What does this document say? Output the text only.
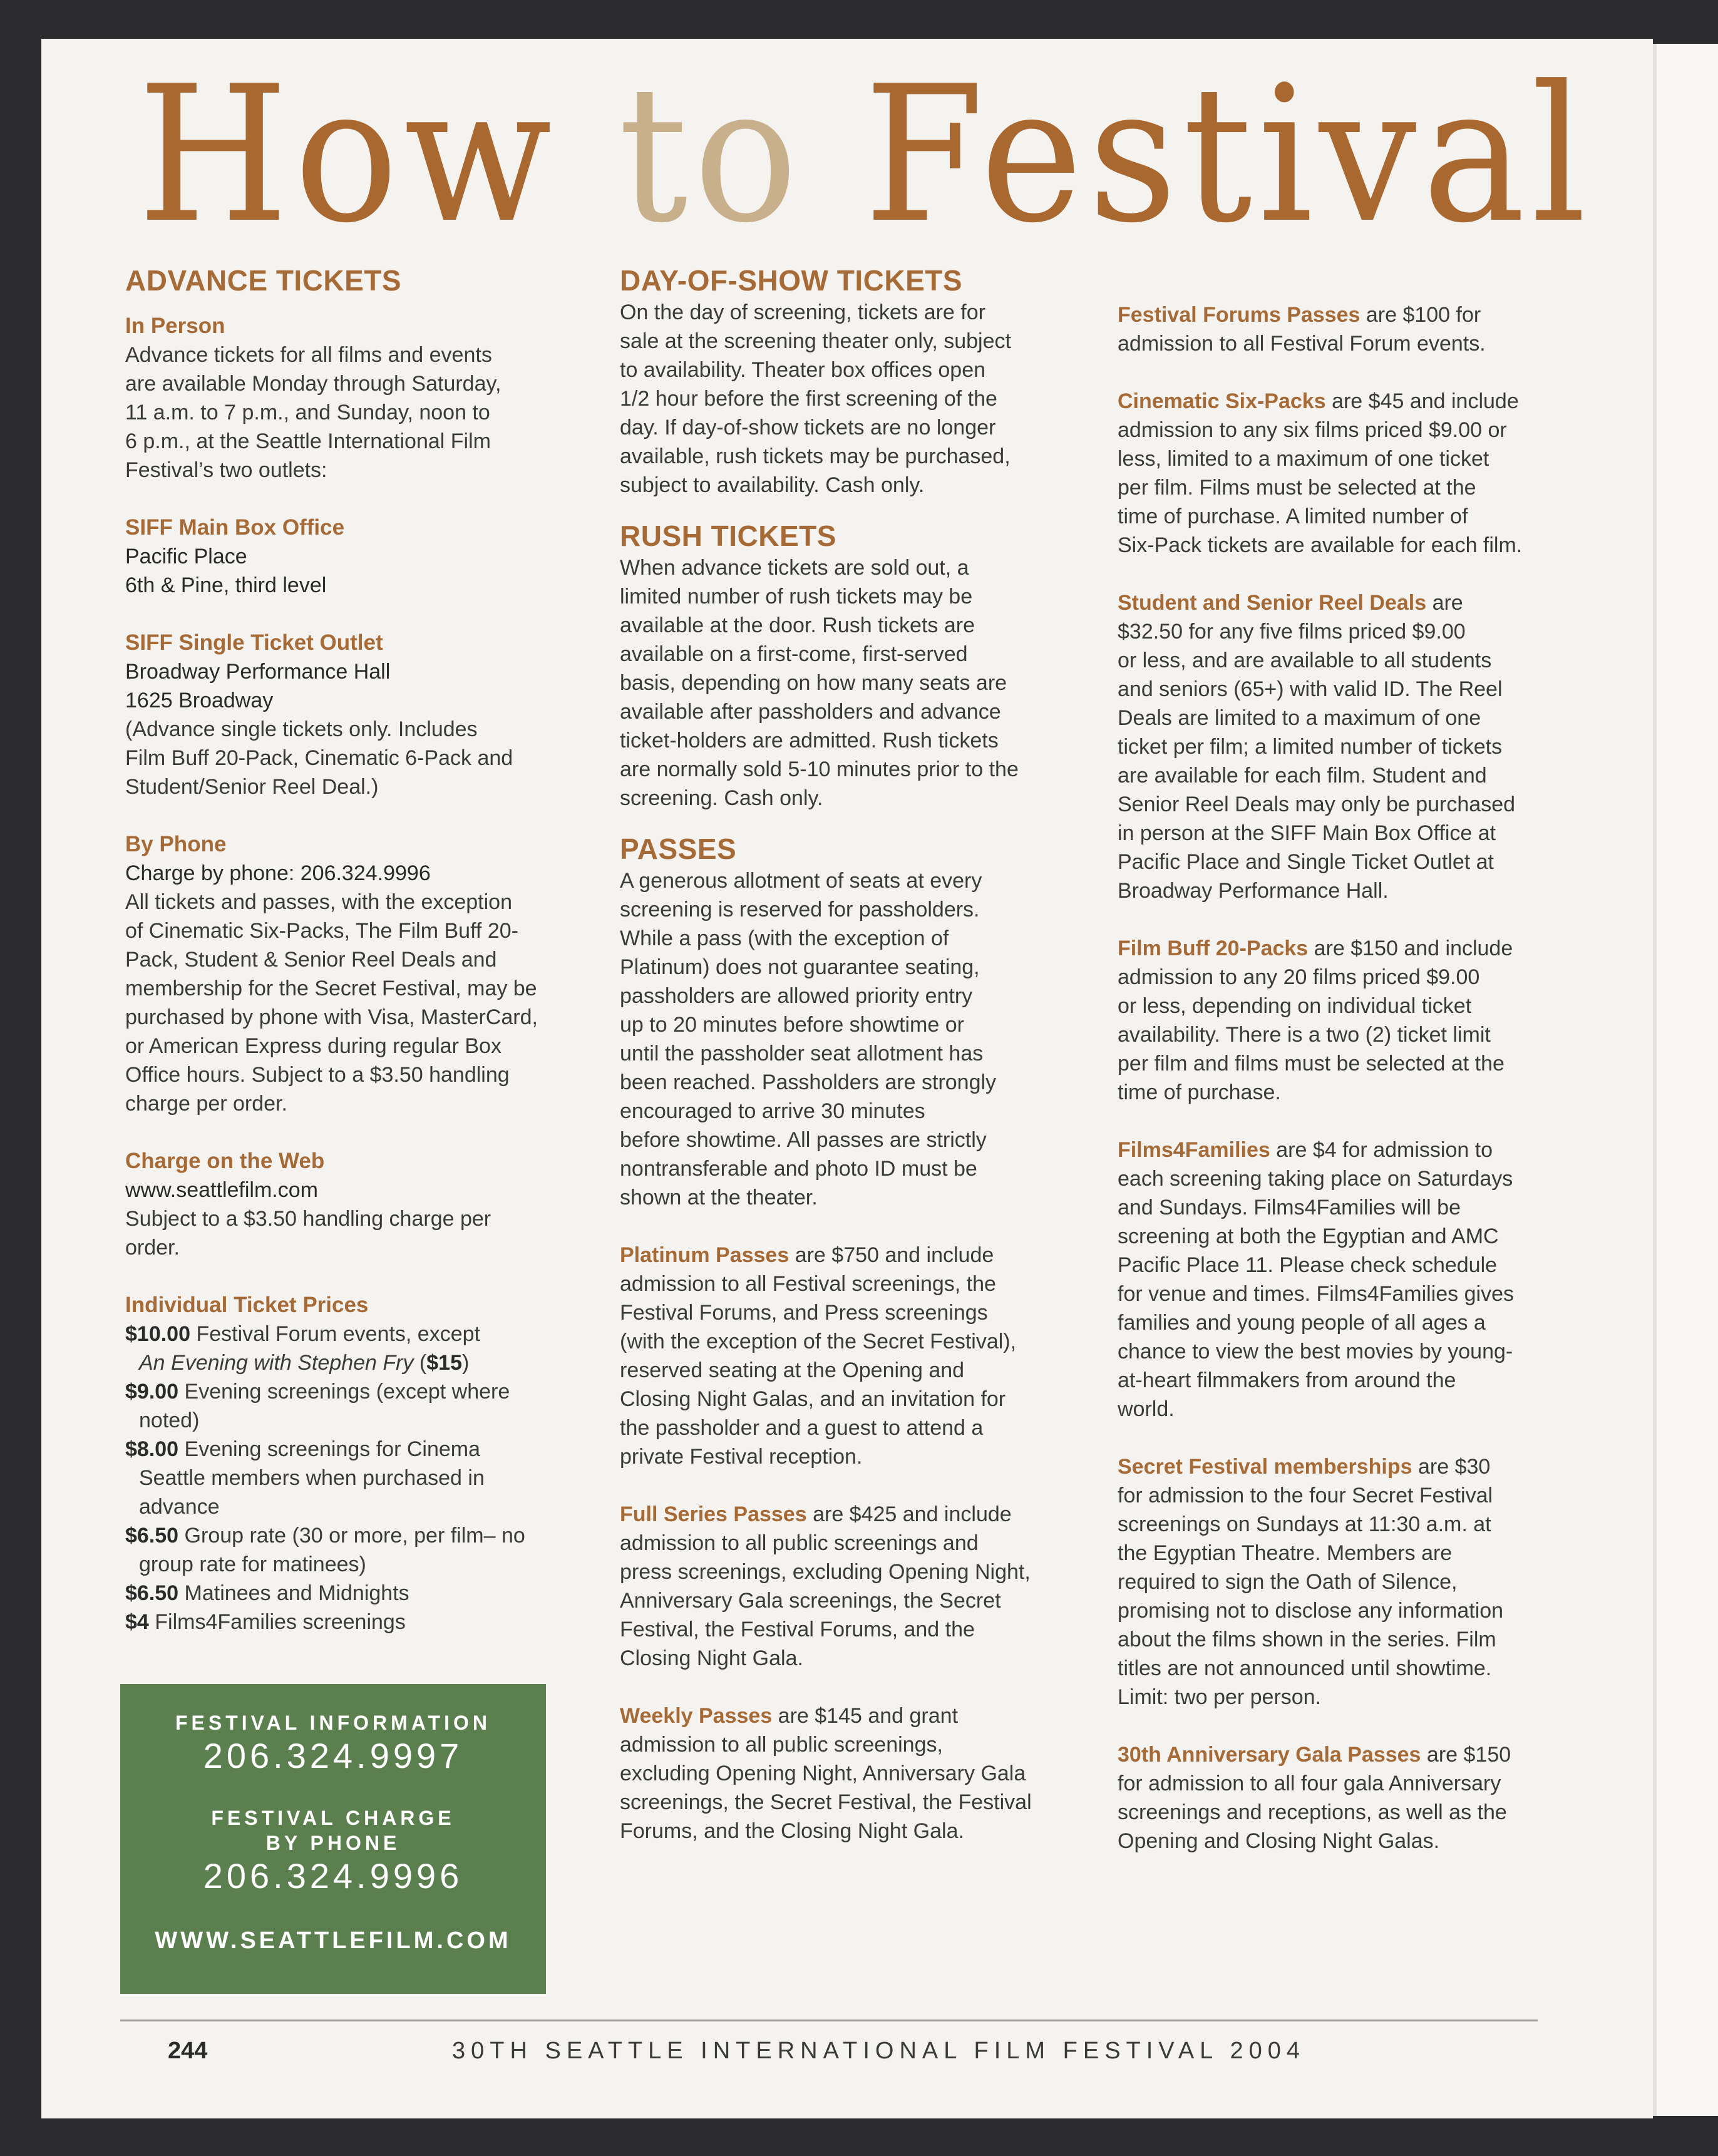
How to Festival
ADVANCE TICKETS
In Person

Advance tickets for all films and events
are available Monday through Saturday,
11 a.m. to 7 p.m., and Sunday, noon to
6 p.m., at the Seattle International Film
Festival’s two outlets:

SIFF Main Box Office

Pacific Place
6th & Pine, third level

SIFF Single Ticket Outlet

Broadway Performance Hall
1625 Broadway

(Advance single tickets only. Includes
Film Buff 20-Pack, Cinematic 6-Pack and
Student/Senior Reel Deal.)

By Phone

Charge by phone: 206.324.9996

All tickets and passes, with the exception
of Cinematic Six-Packs, The Film Buff 20-
Pack, Student & Senior Reel Deals and
membership for the Secret Festival, may be
purchased by phone with Visa, MasterCard,
or American Express during regular Box
Office hours. Subject to a $3.50 handling
charge per order.

Charge on the Web

www.seattlefilm.com

Subject to a $3.50 handling charge per
order.

Individual Ticket Prices
$10.00 Festival Forum events, except
An Evening with Stephen Fry ($15)
$9.00 Evening screenings (except where noted)
$8.00 Evening screenings for Cinema Seattle members when purchased in advance
$6.50 Group rate (30 or more, per film– no group rate for matinees)
$6.50 Matinees and Midnights
$4 Films4Families screenings
FESTIVAL INFORMATION
206.324.9997
FESTIVAL CHARGE
BY PHONE
206.324.9996
WWW.SEATTLEFILM.COM
DAY-OF-SHOW TICKETS

On the day of screening, tickets are for
sale at the screening theater only, subject
to availability. Theater box offices open
1/2 hour before the first screening of the
day. If day-of-show tickets are no longer
available, rush tickets may be purchased,
subject to availability. Cash only.

RUSH TICKETS

When advance tickets are sold out, a
limited number of rush tickets may be
available at the door. Rush tickets are
available on a first-come, first-served
basis, depending on how many seats are
available after passholders and advance
ticket-holders are admitted. Rush tickets
are normally sold 5-10 minutes prior to the
screening. Cash only.

PASSES

A generous allotment of seats at every
screening is reserved for passholders.
While a pass (with the exception of
Platinum) does not guarantee seating,
passholders are allowed priority entry
up to 20 minutes before showtime or
until the passholder seat allotment has
been reached. Passholders are strongly
encouraged to arrive 30 minutes
before showtime. All passes are strictly
nontransferable and photo ID must be
shown at the theater.

Platinum Passes are $750 and include
admission to all Festival screenings, the
Festival Forums, and Press screenings
(with the exception of the Secret Festival),
reserved seating at the Opening and
Closing Night Galas, and an invitation for
the passholder and a guest to attend a
private Festival reception.

Full Series Passes are $425 and include
admission to all public screenings and
press screenings, excluding Opening Night,
Anniversary Gala screenings, the Secret
Festival, the Festival Forums, and the
Closing Night Gala.

Weekly Passes are $145 and grant
admission to all public screenings,
excluding Opening Night, Anniversary Gala
screenings, the Secret Festival, the Festival
Forums, and the Closing Night Gala.

Festival Forums Passes are $100 for
admission to all Festival Forum events.

Cinematic Six-Packs are $45 and include
admission to any six films priced $9.00 or
less, limited to a maximum of one ticket
per film. Films must be selected at the
time of purchase. A limited number of
Six-Pack tickets are available for each film.

Student and Senior Reel Deals are
$32.50 for any five films priced $9.00
or less, and are available to all students
and seniors (65+) with valid ID. The Reel
Deals are limited to a maximum of one
ticket per film; a limited number of tickets
are available for each film. Student and
Senior Reel Deals may only be purchased
in person at the SIFF Main Box Office at
Pacific Place and Single Ticket Outlet at
Broadway Performance Hall.

Film Buff 20-Packs are $150 and include
admission to any 20 films priced $9.00
or less, depending on individual ticket
availability. There is a two (2) ticket limit
per film and films must be selected at the
time of purchase.

Films4Families are $4 for admission to
each screening taking place on Saturdays
and Sundays. Films4Families will be
screening at both the Egyptian and AMC
Pacific Place 11. Please check schedule
for venue and times. Films4Families gives
families and young people of all ages a
chance to view the best movies by young-
at-heart filmmakers from around the
world.

Secret Festival memberships are $30
for admission to the four Secret Festival
screenings on Sundays at 11:30 a.m. at
the Egyptian Theatre. Members are
required to sign the Oath of Silence,
promising not to disclose any information
about the films shown in the series. Film
titles are not announced until showtime.
Limit: two per person.

30th Anniversary Gala Passes are $150
for admission to all four gala Anniversary
screenings and receptions, as well as the
Opening and Closing Night Galas.

244	30TH SEATTLE INTERNATIONAL FILM FESTIVAL 2004
